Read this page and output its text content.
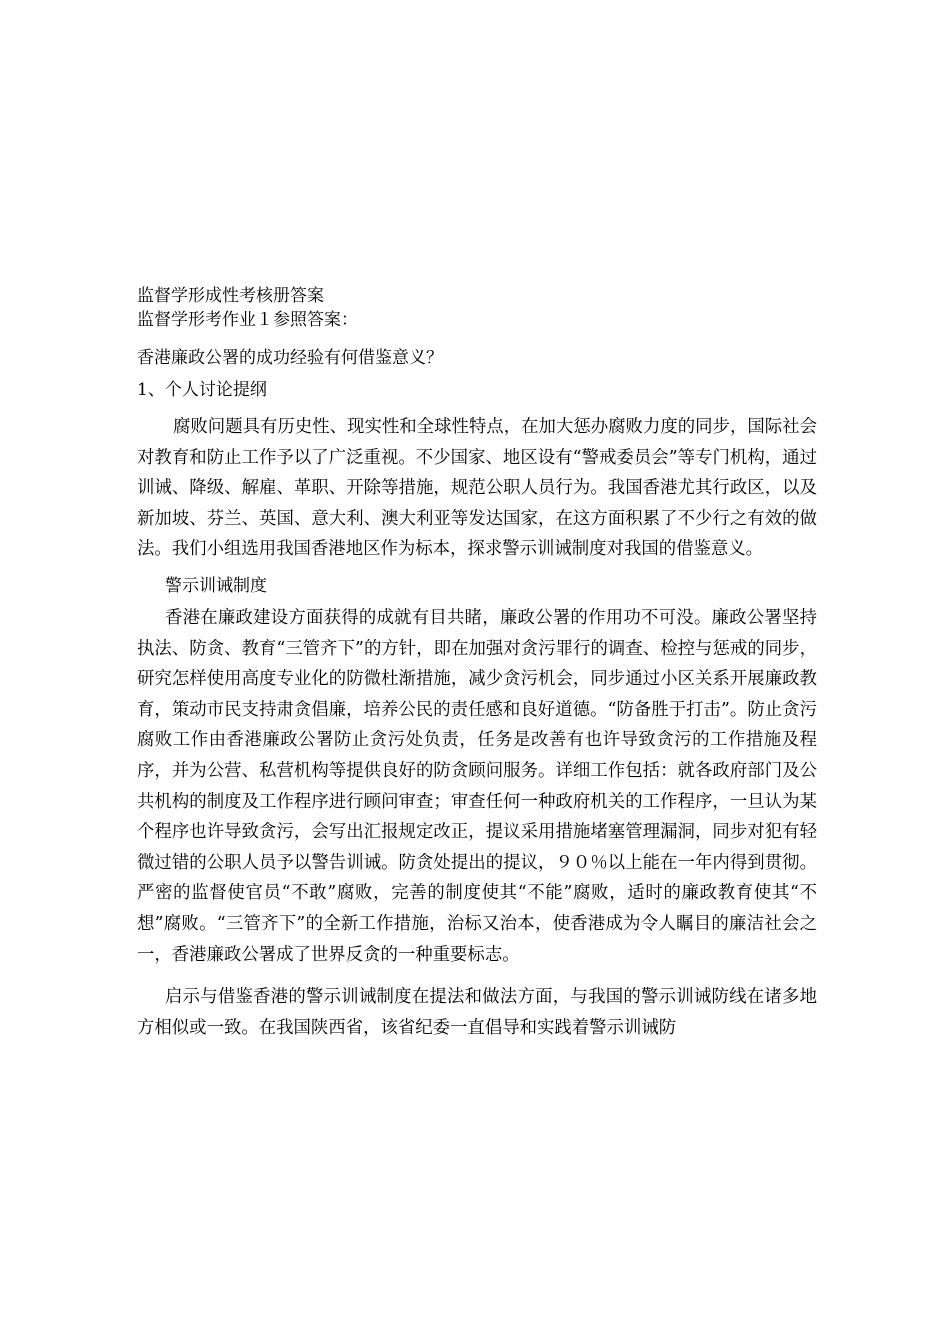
监督学形成性考核册答案

监督学形考作业１参照答案：

香港廉政公署的成功经验有何借鉴意义？

1、个人讨论提纲

腐败问题具有历史性、现实性和全球性特点，在加大惩办腐败力度的同步，国际社会对教育和防止工作予以了广泛重视。不少国家、地区设有“警戒委员会”等专门机构，通过训诫、降级、解雇、革职、开除等措施，规范公职人员行为。我国香港尤其行政区，以及新加坡、芬兰、英国、意大利、澳大利亚等发达国家，在这方面积累了不少行之有效的做法。我们小组选用我国香港地区作为标本，探求警示训诫制度对我国的借鉴意义。

警示训诫制度

香港在廉政建设方面获得的成就有目共睹，廉政公署的作用功不可没。廉政公署坚持执法、防贪、教育“三管齐下”的方针，即在加强对贪污罪行的调查、检控与惩戒的同步，研究怎样使用高度专业化的防微杜渐措施，减少贪污机会，同步通过小区关系开展廉政教育，策动市民支持肃贪倡廉，培养公民的责任感和良好道德。“防备胜于打击”。防止贪污腐败工作由香港廉政公署防止贪污处负责，任务是改善有也许导致贪污的工作措施及程序，并为公营、私营机构等提供良好的防贪顾问服务。详细工作包括：就各政府部门及公共机构的制度及工作程序进行顾问审查；审查任何一种政府机关的工作程序，一旦认为某个程序也许导致贪污，会写出汇报规定改正，提议采用措施堵塞管理漏洞，同步对犯有轻微过错的公职人员予以警告训诫。防贪处提出的提议，９０％以上能在一年内得到贯彻。严密的监督使官员“不敢”腐败，完善的制度使其“不能”腐败，适时的廉政教育使其“不想”腐败。“三管齐下”的全新工作措施，治标又治本，使香港成为令人瞩目的廉洁社会之一，香港廉政公署成了世界反贪的一种重要标志。

启示与借鉴香港的警示训诫制度在提法和做法方面，与我国的警示训诫防线在诸多地方相似或一致。在我国陕西省，该省纪委一直倡导和实践着警示训诫防
